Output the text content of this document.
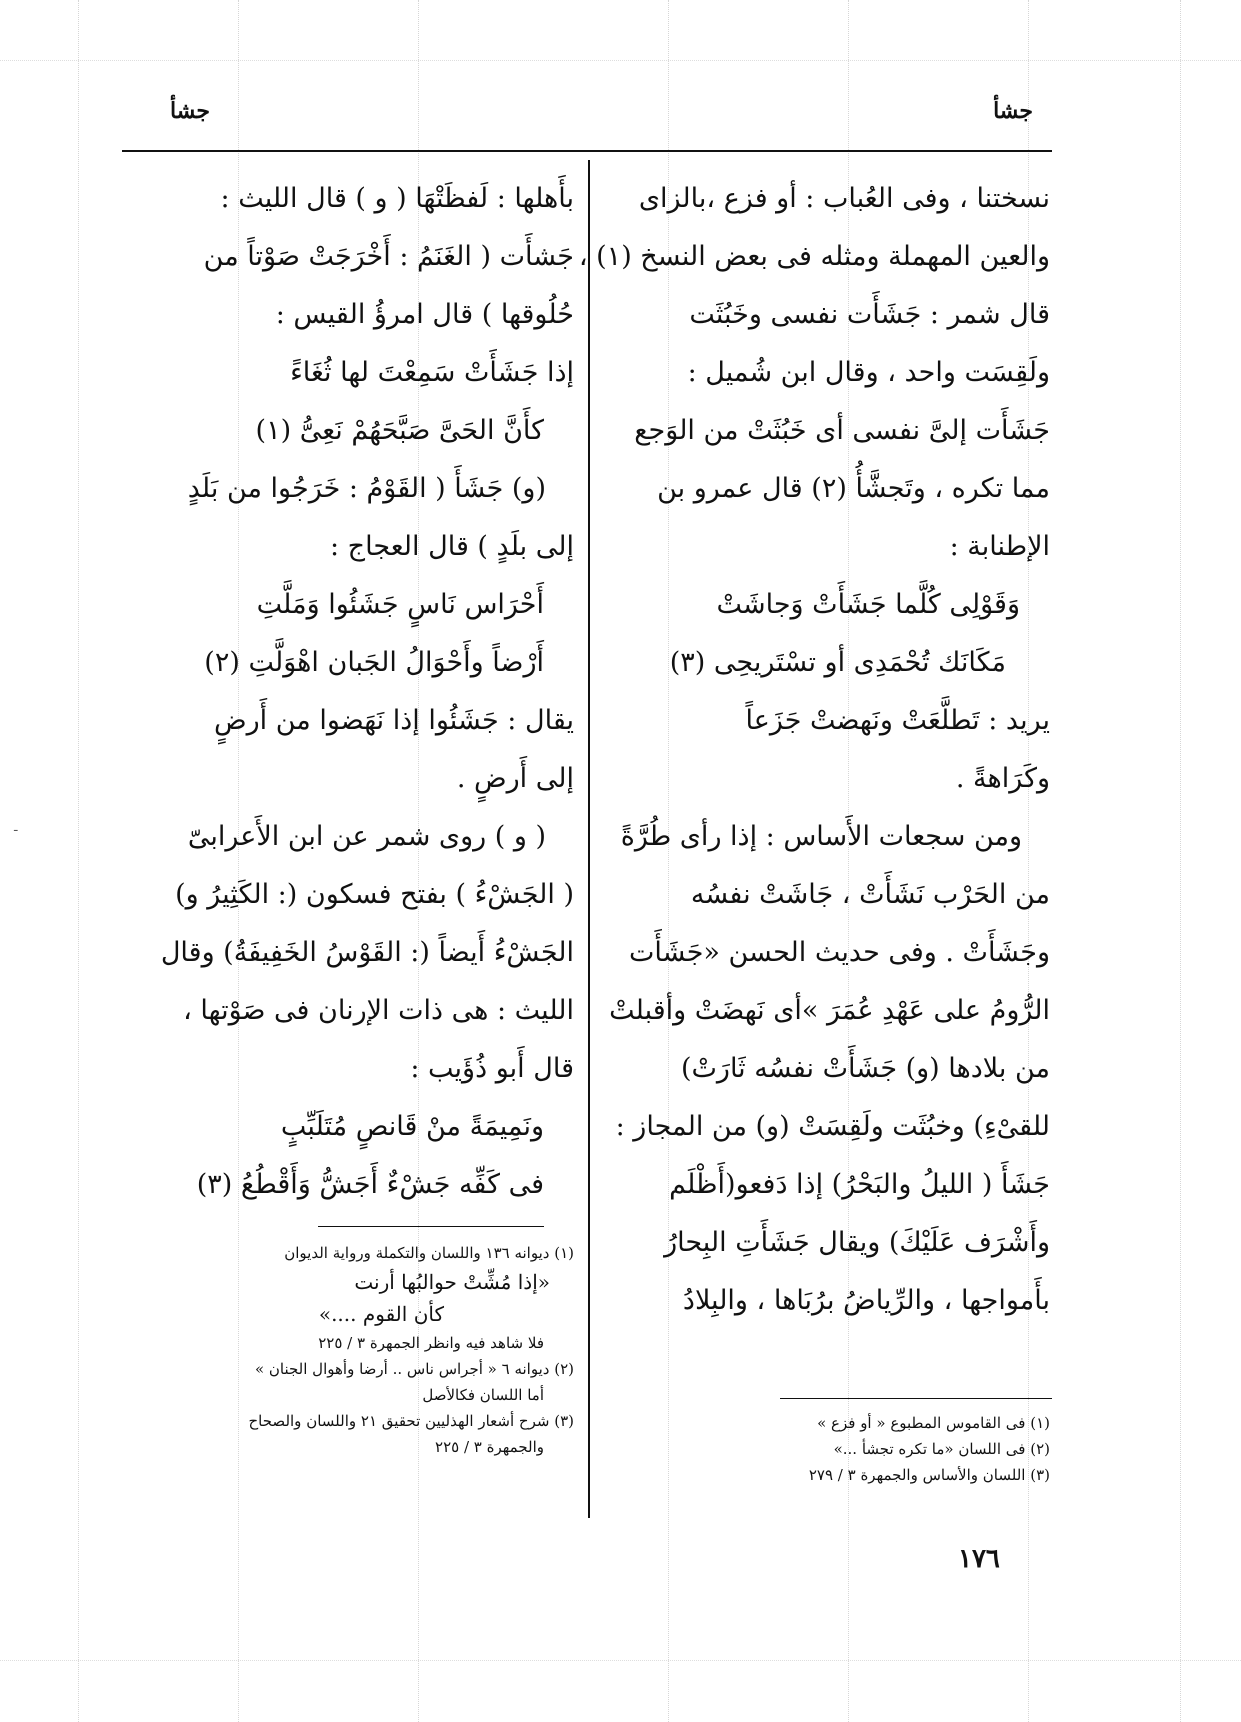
ـ
جشأ
جشأ
نسختنا ، وفى العُباب : أو فزع ،بالزاى
والعين المهملة ومثله فى بعض النسخ (١) ،
قال شمر : جَشَأَت نفسى وخَبُثَت
ولَقِسَت واحد ، وقال ابن شُميل :
جَشَأَت إلىَّ نفسى أى خَبُثَتْ من الوَجع
مما تكره ، وتَجشَّأُ (٢) قال عمرو بن
الإطنابة :
وَقَوْلِى كُلَّما جَشَأَتْ وَجاشَتْ
مَكَانَك تُحْمَدِى أو تسْتَريحِى (٣)
يريد : تَطلَّعَتْ ونَهضتْ جَزَعاً
وكَرَاهةً .
ومن سجعات الأَساس : إذا رأى طُرَّةً
من الحَرْب نَشَأَتْ ، جَاشَتْ نفسُه
وجَشَأَتْ . وفى حديث الحسن «جَشَأَت
الرُّومُ على عَهْدِ عُمَرَ »أى نَهضَتْ وأقبلتْ
من بلادها (و) جَشَأَتْ نفسُه ثَارَتْ)
للقىْءِ) وخبُثَت ولَقِسَتْ (و) من المجاز :
جَشَأَ ( الليلُ والبَحْرُ) إذا دَفعو(أَظْلَم
وأَشْرَف عَلَيْكَ) ويقال جَشَأَتِ البِحارُ
بأَمواجها ، والرِّياضُ برُبَاها ، والبِلادُ
بأَهلها : لَفظَتْهَا ( و ) قال الليث :
جَشأَت ( الغَنَمُ : أَخْرَجَتْ صَوْتاً من
حُلُوقها ) قال امرؤُ القيس :
إذا جَشَأَتْ سَمِعْتَ لها ثُغَاءً
كأَنَّ الحَىَّ صَبَّحَهُمْ نَعِىُّ (١)
(و) جَشَأَ ( القَوْمُ : خَرَجُوا من بَلَدٍ
إلى بلَدٍ ) قال العجاج :
أَحْرَاس نَاسٍ جَشَئُوا وَمَلَّتِ
أَرْضاً وأَحْوَالُ الجَبان اهْوَلَّتِ (٢)
يقال : جَشَئُوا إذا نَهَضوا من أَرضٍ
إلى أَرضٍ .
( و ) روى شمر عن ابن الأَعرابىّ
( الجَشْءُ ) بفتح فسكون (: الكَثِيرُ و)
الجَشْءُ أَيضاً (: القَوْسُ الخَفِيفَةُ) وقال
الليث : هى ذات الإرنان فى صَوْتها ،
قال أَبو ذُؤَيب :
ونَمِيمَةً منْ قَانصٍ مُتَلَبِّبٍ
فى كَفِّه جَشْءٌ أَجَشُّ وَأَقْطُعُ (٣)
(١) فى القاموس المطبوع « أو فزع »
(٢) فى اللسان «ما تكره تجشأ ...»
(٣) اللسان والأساس والجمهرة ٣ / ٢٧٩
(١) ديوانه ١٣٦ واللسان والتكملة ورواية الديوان
«إذا مُشِّتْ حوالبُها أرنت
كأن القوم ....»
فلا شاهد فيه وانظر الجمهرة ٣ / ٢٢٥
(٢) ديوانه ٦ « أجراس ناس .. أرضا وأهوال الجنان »
أما اللسان فكالأصل
(٣) شرح أشعار الهذليين تحقيق ٢١ واللسان والصحاح
والجمهرة ٣ / ٢٢٥
١٧٦
